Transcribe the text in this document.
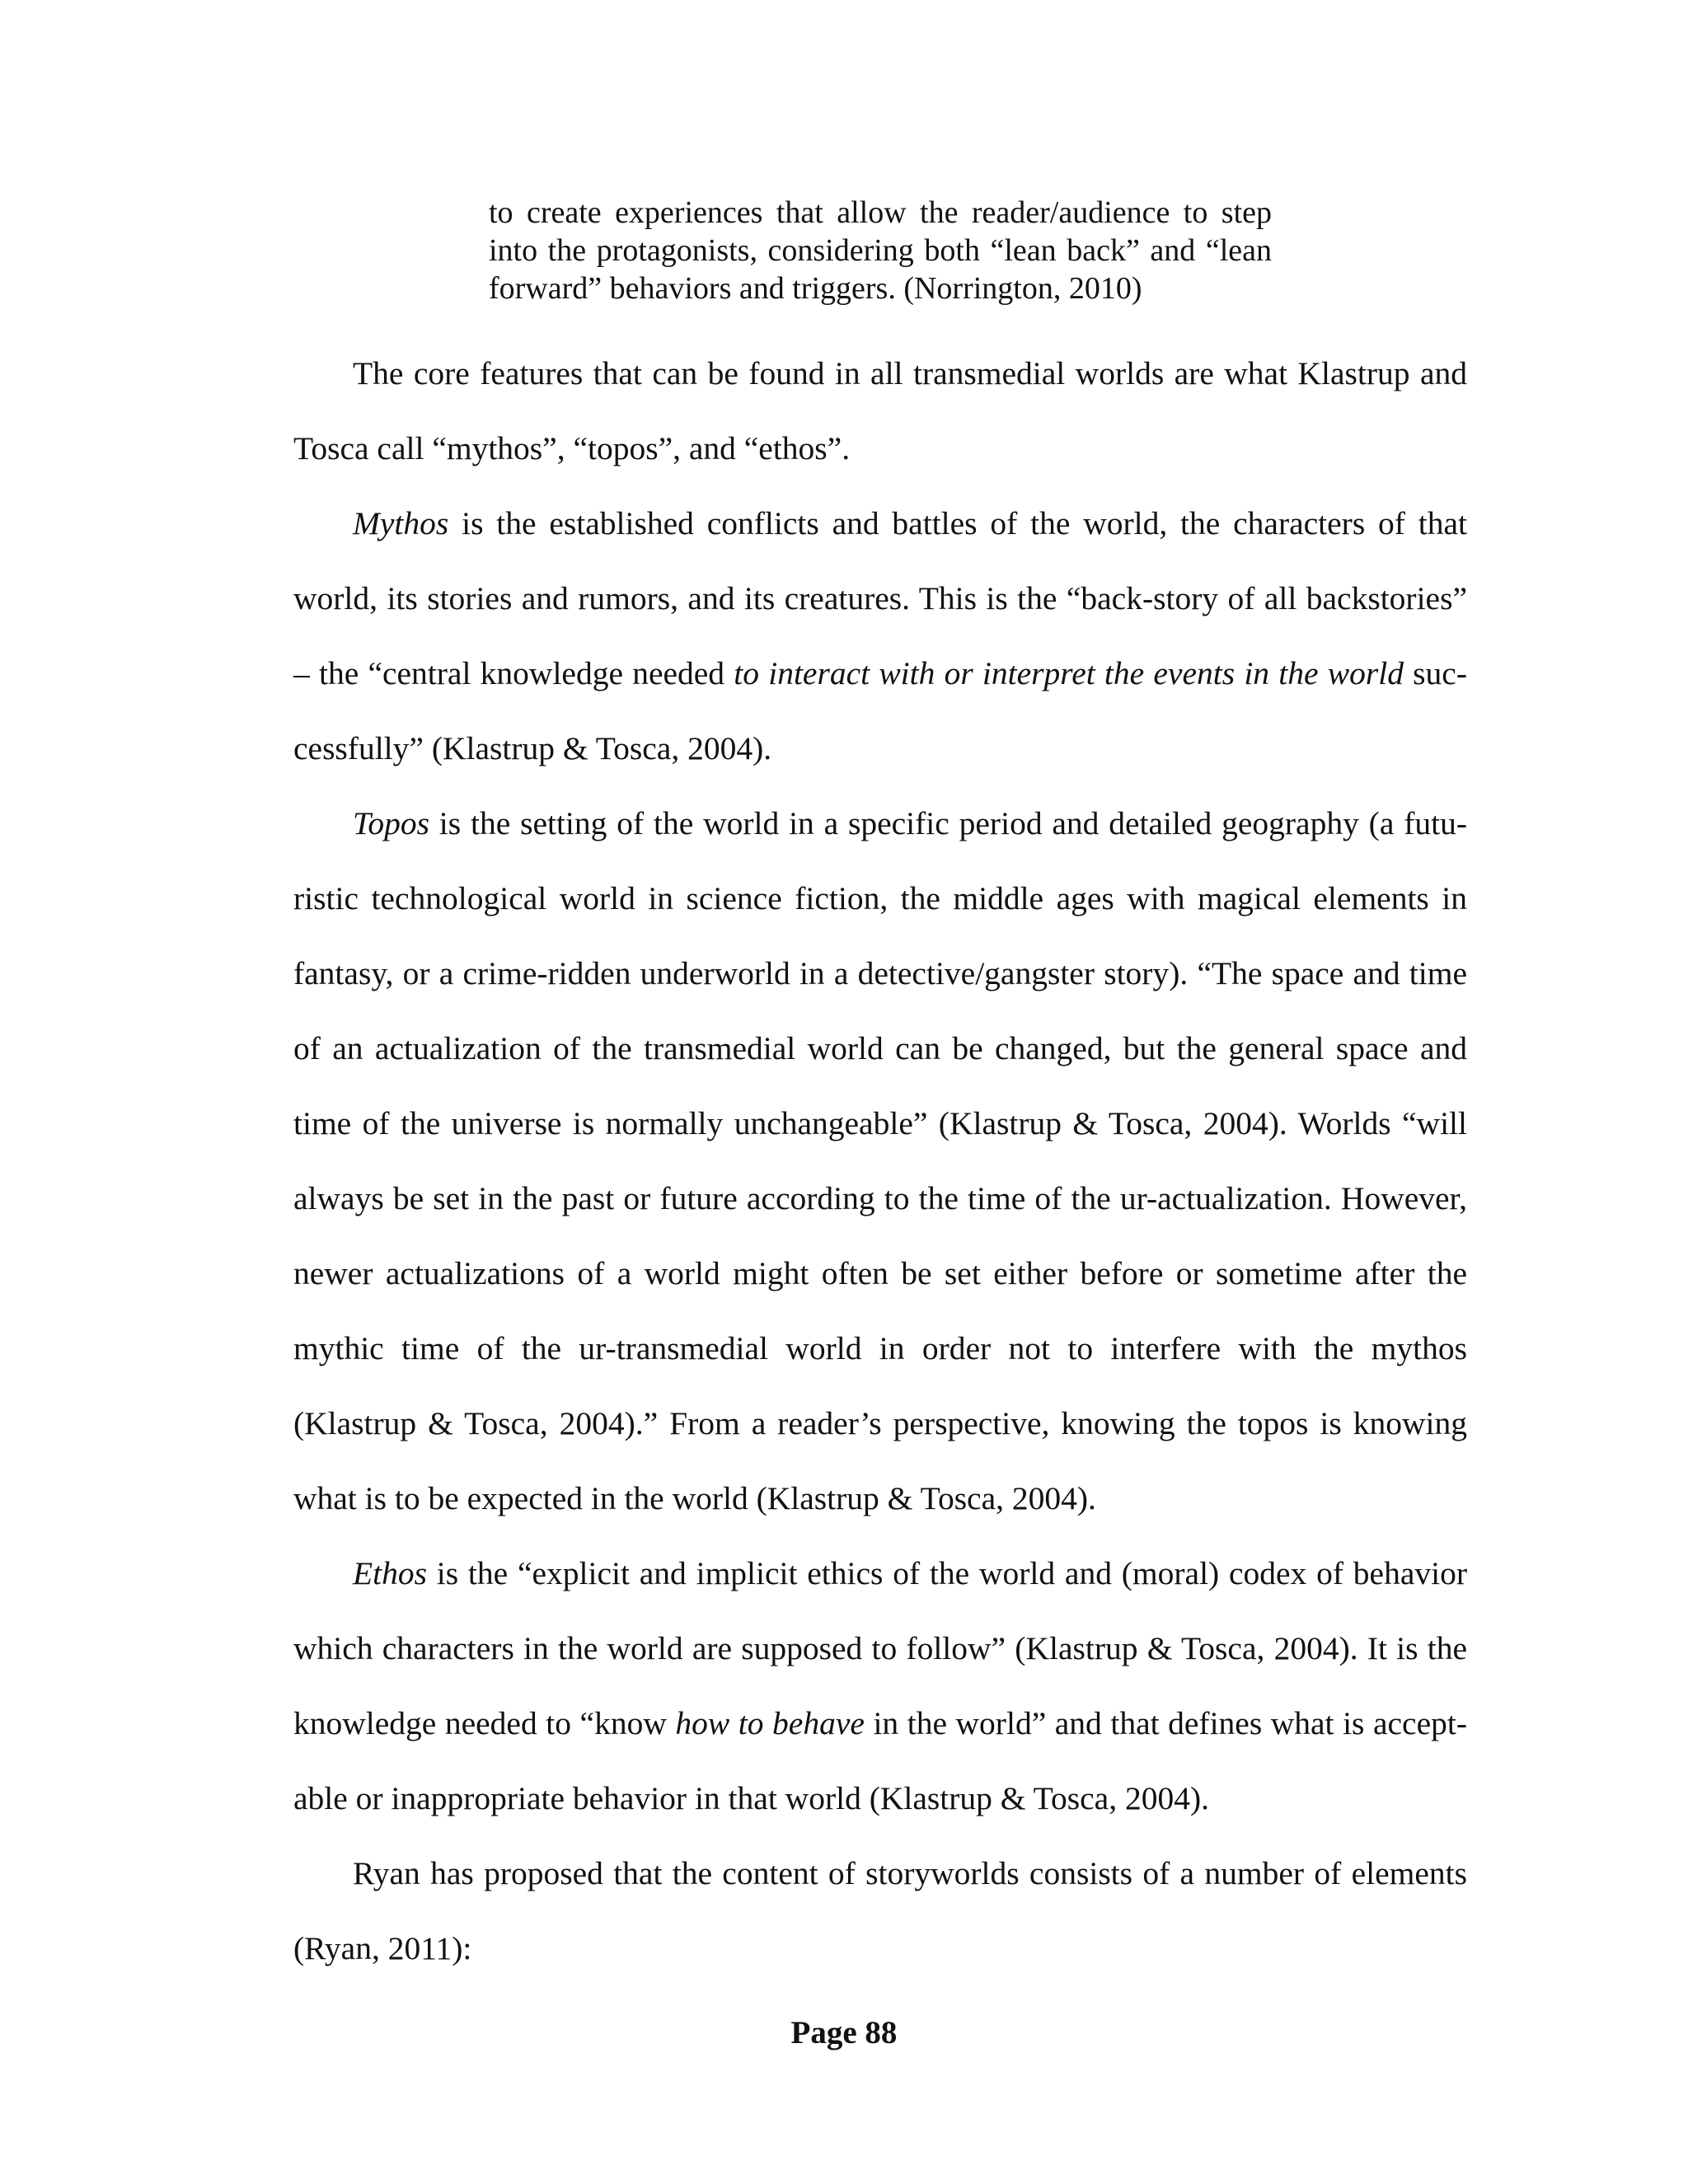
to create experiences that allow the reader/audience to step into the protagonists, considering both “lean back” and “lean forward” behaviors and triggers. (Norrington, 2010)

The core features that can be found in all transmedial worlds are what Klastrup and Tosca call “mythos”, “topos”, and “ethos”.

Mythos is the established conflicts and battles of the world, the characters of that world, its stories and rumors, and its creatures. This is the “back-story of all backstories” – the “central knowledge needed to interact with or interpret the events in the world successfully” (Klastrup & Tosca, 2004).

Topos is the setting of the world in a specific period and detailed geography (a futuristic technological world in science fiction, the middle ages with magical elements in fantasy, or a crime-ridden underworld in a detective/gangster story). “The space and time of an actualization of the transmedial world can be changed, but the general space and time of the universe is normally unchangeable” (Klastrup & Tosca, 2004). Worlds “will always be set in the past or future according to the time of the ur-actualization. However, newer actualizations of a world might often be set either before or sometime after the mythic time of the ur-transmedial world in order not to interfere with the mythos (Klastrup & Tosca, 2004).” From a reader’s perspective, knowing the topos is knowing what is to be expected in the world (Klastrup & Tosca, 2004).

Ethos is the “explicit and implicit ethics of the world and (moral) codex of behavior which characters in the world are supposed to follow” (Klastrup & Tosca, 2004). It is the knowledge needed to “know how to behave in the world” and that defines what is acceptable or inappropriate behavior in that world (Klastrup & Tosca, 2004).

Ryan has proposed that the content of storyworlds consists of a number of elements (Ryan, 2011):

Page 88
